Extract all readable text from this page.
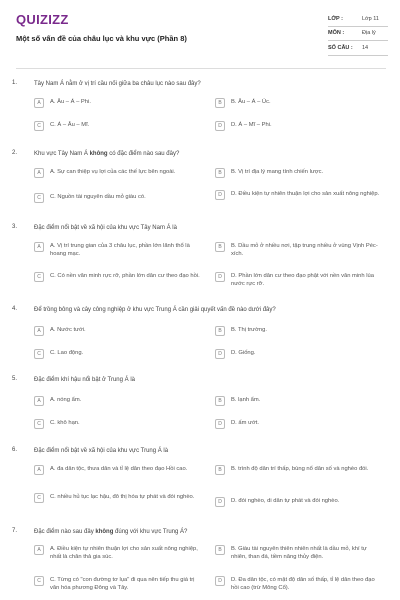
QUIZIZZ
Một số vấn đề của châu lục và khu vực (Phần 8)
LỚP :	Lớp 11
MÔN :	Địa lý
SỐ CÂU : 14
1.	Tây Nam Á nằm ở vị trí cầu nối giữa ba châu lục nào sau đây?
A	A. Âu – Á – Phi.	B	B. Âu – Á – Úc.
C	C. Á – Âu – Mĩ.	D	D. Á – Mĩ – Phi.
2.	Khu vực Tây Nam Á không có đặc điểm nào sau đây?
A	A. Sự can thiệp vụ lợi của các thế lực bên ngoài.	B	B. Vị trí địa lý mang tính chiến lược.
C	C. Nguồn tài nguyên dầu mỏ giàu có.	D	D. Điều kiện tự nhiên thuận lợi cho sản xuất nông nghiệp.
3.	Đặc điểm nổi bật về xã hội của khu vực Tây Nam Á là
A	A. Vị trí trung gian của 3 châu lục, phần lớn lãnh thổ là hoang mạc.
B	B. Dầu mỏ ở nhiều nơi, tập trung nhiều ở vùng Vịnh Péc-xích.
C	C. Có nền văn minh rực rỡ, phần lớn dân cư theo đạo hồi.	D	D. Phần lớn dân cư theo đạo phật với nền văn minh lúa nước rực rỡ.
4.	Để trồng bông và cây công nghiệp ở khu vực Trung Á cần giải quyết vấn đề nào dưới đây?
A	A. Nước tưới.	B	B. Thị trường.
C	C. Lao động.	D	D. Giống.
5.	Đặc điểm khí hậu nổi bật ở Trung Á là
A	A. nóng ẩm.	B	B. lạnh ẩm.
C	C. khô hạn.	D	D. ấm ướt.
6.	Đặc điểm nổi bật về xã hội của khu vực Trung Á là
A	A. đa dân tộc, thưa dân và tỉ lệ dân theo đạo Hồi cao.	B	B. trình độ dân trí thấp, bùng nổ dân số và nghèo đói.
C	C. nhiều hủ tục lạc hậu, đô thị hóa tự phát và đói nghèo.
D	D. đói nghèo, di dân tự phát và đói nghèo.
7.	Đặc điểm nào sau đây không đúng với khu vực Trung Á?
A	A. Điều kiện tự nhiên thuận lợi cho sản xuất nông nghiệp, nhất là chăn thả gia súc.
B	B. Giàu tài nguyên thiên nhiên nhất là dầu mỏ, khí tự nhiên, than đá, tiềm năng thủy điện.
C	C. Từng có "con đường tơ lụa" đi qua nên tiếp thu giá trị văn hóa phương Đông và Tây.
D	D. Đa dân tộc, có mật độ dân số thấp, tỉ lệ dân theo đạo hồi cao (trừ Mông Cổ).
